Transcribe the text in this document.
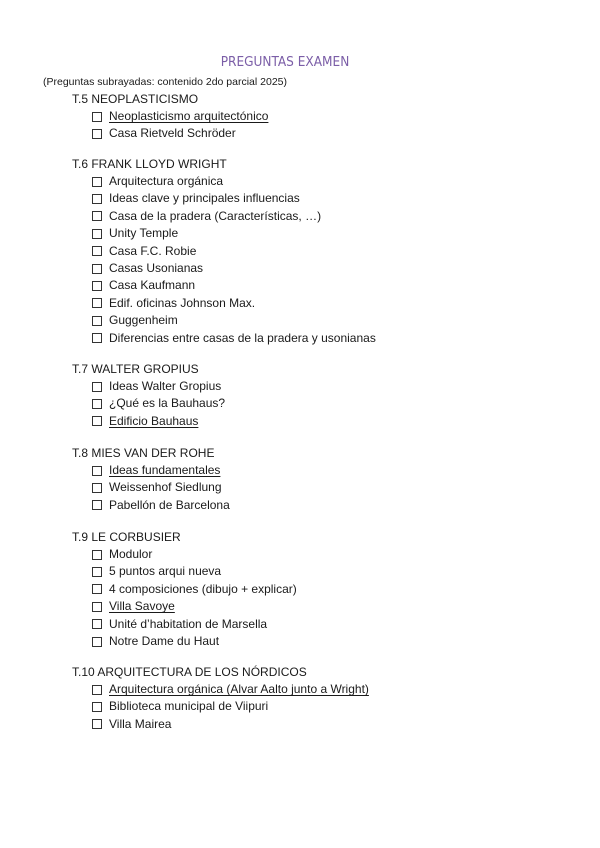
PREGUNTAS EXAMEN
(Preguntas subrayadas: contenido 2do parcial 2025)
T.5 NEOPLASTICISMO
Neoplasticismo arquitectónico
Casa Rietveld Schröder
T.6 FRANK LLOYD WRIGHT
Arquitectura orgánica
Ideas clave y principales influencias
Casa de la pradera (Características, …)
Unity Temple
Casa F.C. Robie
Casas Usonianas
Casa Kaufmann
Edif. oficinas Johnson Max.
Guggenheim
Diferencias entre casas de la pradera y usonianas
T.7 WALTER GROPIUS
Ideas Walter Gropius
¿Qué es la Bauhaus?
Edificio Bauhaus
T.8 MIES VAN DER ROHE
Ideas fundamentales
Weissenhof Siedlung
Pabellón de Barcelona
T.9 LE CORBUSIER
Modulor
5 puntos arqui nueva
4 composiciones (dibujo + explicar)
Villa Savoye
Unité d’habitation de Marsella
Notre Dame du Haut
T.10 ARQUITECTURA DE LOS NÓRDICOS
Arquitectura orgánica (Alvar Aalto junto a Wright)
Biblioteca municipal de Viipuri
Villa Mairea
